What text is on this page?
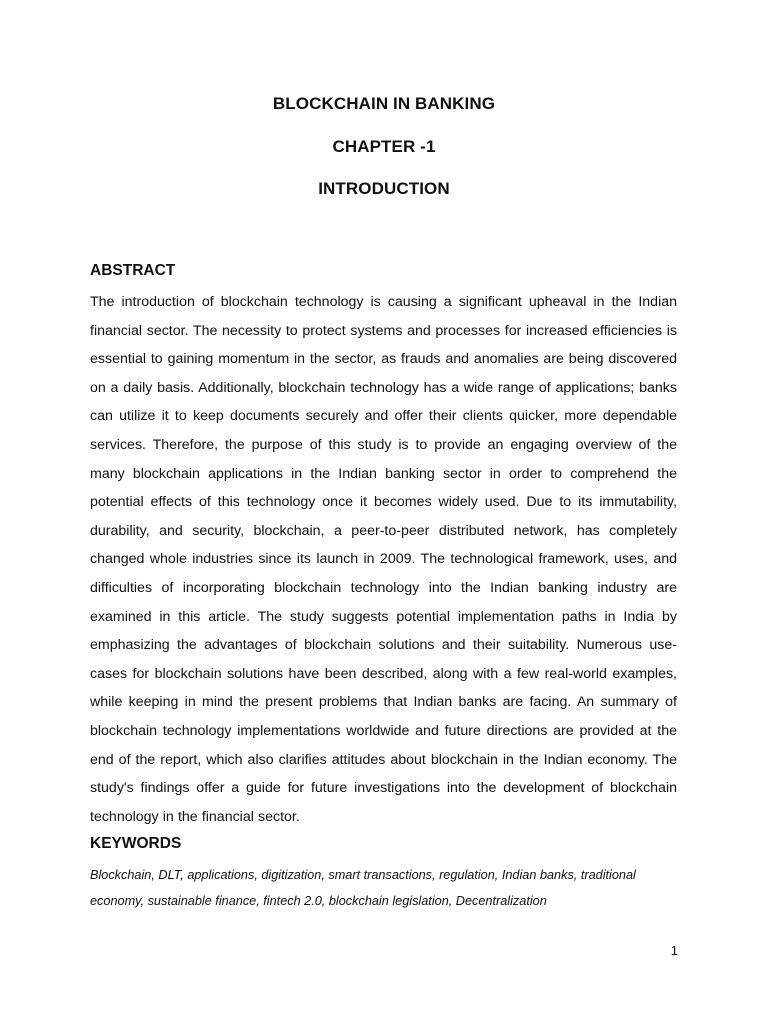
BLOCKCHAIN IN BANKING
CHAPTER -1
INTRODUCTION
ABSTRACT

The introduction of blockchain technology is causing a significant upheaval in the Indian financial sector. The necessity to protect systems and processes for increased efficiencies is essential to gaining momentum in the sector, as frauds and anomalies are being discovered on a daily basis. Additionally, blockchain technology has a wide range of applications; banks can utilize it to keep documents securely and offer their clients quicker, more dependable services. Therefore, the purpose of this study is to provide an engaging overview of the many blockchain applications in the Indian banking sector in order to comprehend the potential effects of this technology once it becomes widely used. Due to its immutability, durability, and security, blockchain, a peer-to-peer distributed network, has completely changed whole industries since its launch in 2009. The technological framework, uses, and difficulties of incorporating blockchain technology into the Indian banking industry are examined in this article. The study suggests potential implementation paths in India by emphasizing the advantages of blockchain solutions and their suitability. Numerous use-cases for blockchain solutions have been described, along with a few real-world examples, while keeping in mind the present problems that Indian banks are facing. An summary of blockchain technology implementations worldwide and future directions are provided at the end of the report, which also clarifies attitudes about blockchain in the Indian economy. The study's findings offer a guide for future investigations into the development of blockchain technology in the financial sector.

KEYWORDS

Blockchain, DLT, applications, digitization, smart transactions, regulation, Indian banks, traditional economy, sustainable finance, fintech 2.0, blockchain legislation, Decentralization

1
